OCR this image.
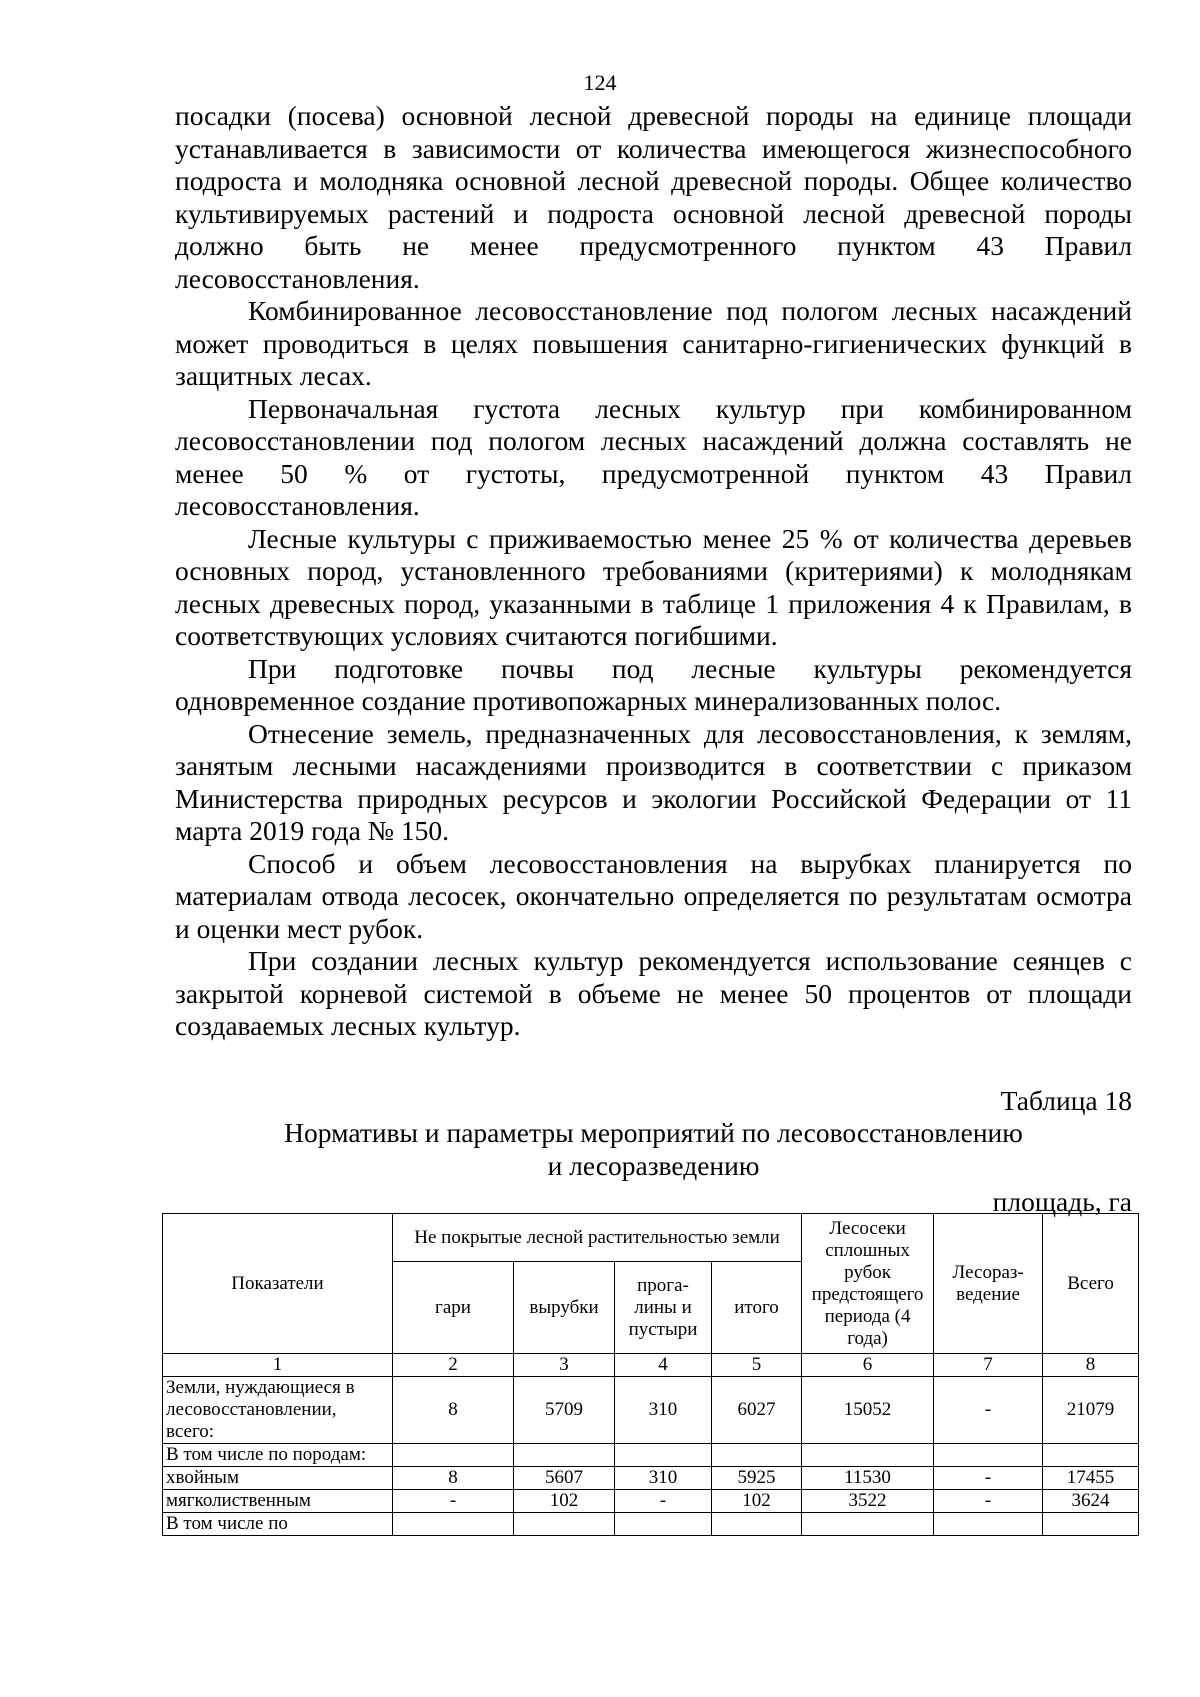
124

посадки (посева) основной лесной древесной породы на единице площади устанавливается в зависимости от количества имеющегося жизнеспособного подроста и молодняка основной лесной древесной породы. Общее количество культивируемых растений и подроста основной лесной древесной породы должно быть не менее предусмотренного пунктом 43 Правил лесовосстановления.

Комбинированное лесовосстановление под пологом лесных насаждений может проводиться в целях повышения санитарно-гигиенических функций в защитных лесах.

Первоначальная густота лесных культур при комбинированном лесовосстановлении под пологом лесных насаждений должна составлять не менее 50 % от густоты, предусмотренной пунктом 43 Правил лесовосстановления.

Лесные культуры с приживаемостью менее 25 % от количества деревьев основных пород, установленного требованиями (критериями) к молоднякам лесных древесных пород, указанными в таблице 1 приложения 4 к Правилам, в соответствующих условиях считаются погибшими.

При подготовке почвы под лесные культуры рекомендуется одновременное создание противопожарных минерализованных полос.

Отнесение земель, предназначенных для лесовосстановления, к землям, занятым лесными насаждениями производится в соответствии с приказом Министерства природных ресурсов и экологии Российской Федерации от 11 марта 2019 года № 150.

Способ и объем лесовосстановления на вырубках планируется по материалам отвода лесосек, окончательно определяется по результатам осмотра и оценки мест рубок.

При создании лесных культур рекомендуется использование сеянцев с закрытой корневой системой в объеме не менее 50 процентов от площади создаваемых лесных культур.

Таблица 18
Нормативы и параметры мероприятий по лесовосстановлению
и лесоразведению
площадь, га
Показатели	Не покрытые лесной растительностью земли				Лесосеки сплошных рубок предстоящего периода (4 года)	Лесораз-ведение	Всего
	гари	вырубки	прога-лины и пустыри	итого			
1	2	3	4	5	6	7	8
Земли, нуждающиеся в лесовосстановлении, всего:	8	5709	310	6027	15052	-	21079
В том числе по породам:							
хвойным	8	5607	310	5925	11530	-	17455
мягколиственным	-	102	-	102	3522	-	3624
В том числе по							
